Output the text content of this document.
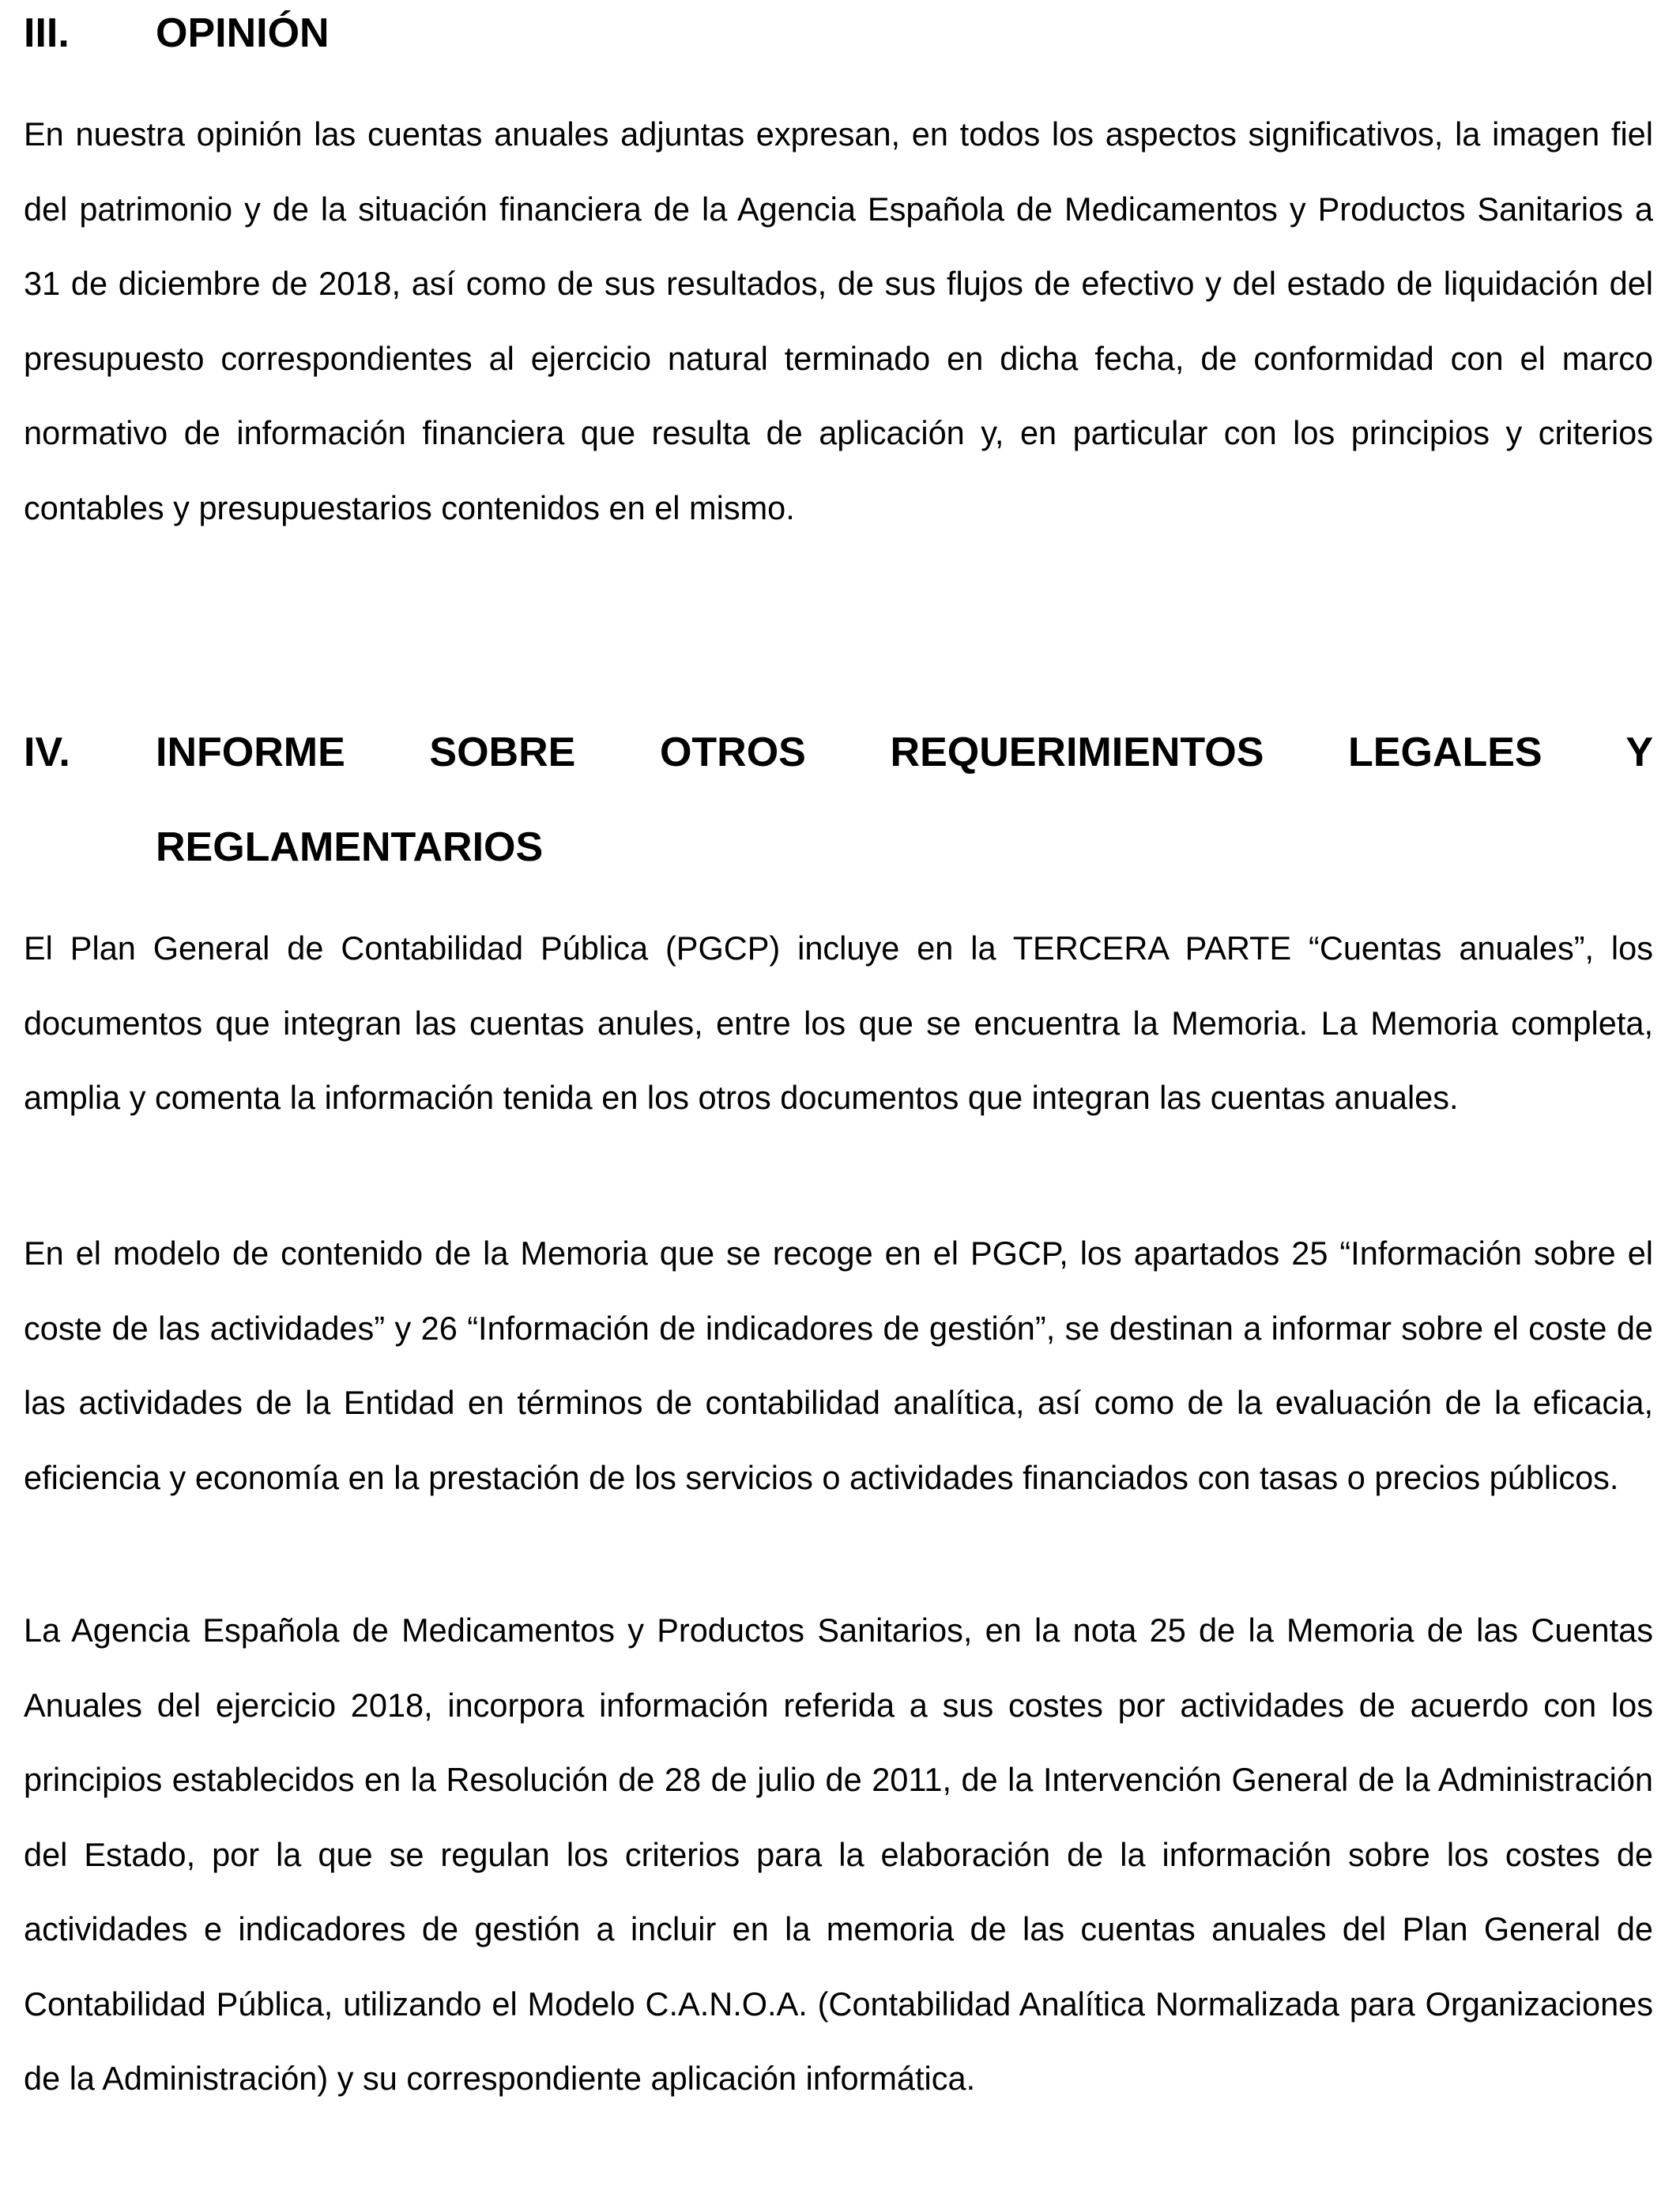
III.	OPINIÓN

En nuestra opinión las cuentas anuales adjuntas expresan, en todos los aspectos significativos, la imagen fiel del patrimonio y de la situación financiera de la Agencia Española de Medicamentos y Productos Sanitarios a 31 de diciembre de 2018, así como de sus resultados, de sus flujos de efectivo y del estado de liquidación del presupuesto correspondientes al ejercicio natural terminado en dicha fecha, de conformidad con el marco normativo de información financiera que resulta de aplicación y, en particular con los principios y criterios contables y presupuestarios contenidos en el mismo.

IV.	INFORME SOBRE OTROS REQUERIMIENTOS LEGALES Y
REGLAMENTARIOS

El Plan General de Contabilidad Pública (PGCP) incluye en la TERCERA PARTE “Cuentas anuales”, los documentos que integran las cuentas anules, entre los que se encuentra la Memoria. La Memoria completa, amplia y comenta la información tenida en los otros documentos que integran las cuentas anuales.

En el modelo de contenido de la Memoria que se recoge en el PGCP, los apartados 25 “Información sobre el coste de las actividades” y 26 “Información de indicadores de gestión”, se destinan a informar sobre el coste de las actividades de la Entidad en términos de contabilidad analítica, así como de la evaluación de la eficacia, eficiencia y economía en la prestación de los servicios o actividades financiados con tasas o precios públicos.

La Agencia Española de Medicamentos y Productos Sanitarios, en la nota 25 de la Memoria de las Cuentas Anuales del ejercicio 2018, incorpora información referida a sus costes por actividades de acuerdo con los principios establecidos en la Resolución de 28 de julio de 2011, de la Intervención General de la Administración del Estado, por la que se regulan los criterios para la elaboración de la información sobre los costes de actividades e indicadores de gestión a incluir en la memoria de las cuentas anuales del Plan General de Contabilidad Pública, utilizando el Modelo C.A.N.O.A. (Contabilidad Analítica Normalizada para Organizaciones de la Administración) y su correspondiente aplicación informática.
